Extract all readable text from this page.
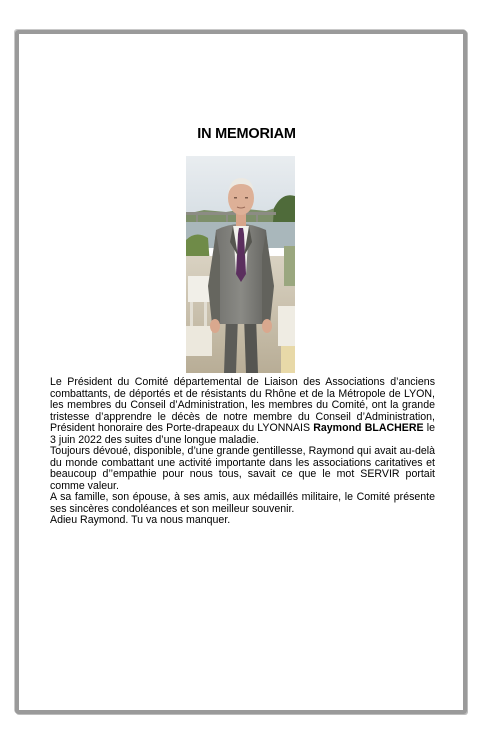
IN MEMORIAM

Le Président du Comité départemental de Liaison des Associations d’anciens combattants, de déportés et de résistants du Rhône et de la Métropole de LYON, les membres du Conseil d’Administration, les membres du Comité, ont la grande tristesse d’apprendre le décès de notre membre du Conseil d’Administration, Président honoraire des Porte-drapeaux du LYONNAIS Raymond BLACHERE le 3 juin 2022 des suites d’une longue maladie.

Toujours dévoué, disponible, d’une grande gentillesse, Raymond qui avait au-delà du monde combattant une activité importante dans les associations caritatives et beaucoup d’’empathie pour nous tous, savait ce que le mot SERVIR portait comme valeur.

A sa famille, son épouse, à ses amis, aux médaillés militaire, le Comité présente ses sincères condoléances et son meilleur souvenir.

Adieu Raymond. Tu va nous manquer.
